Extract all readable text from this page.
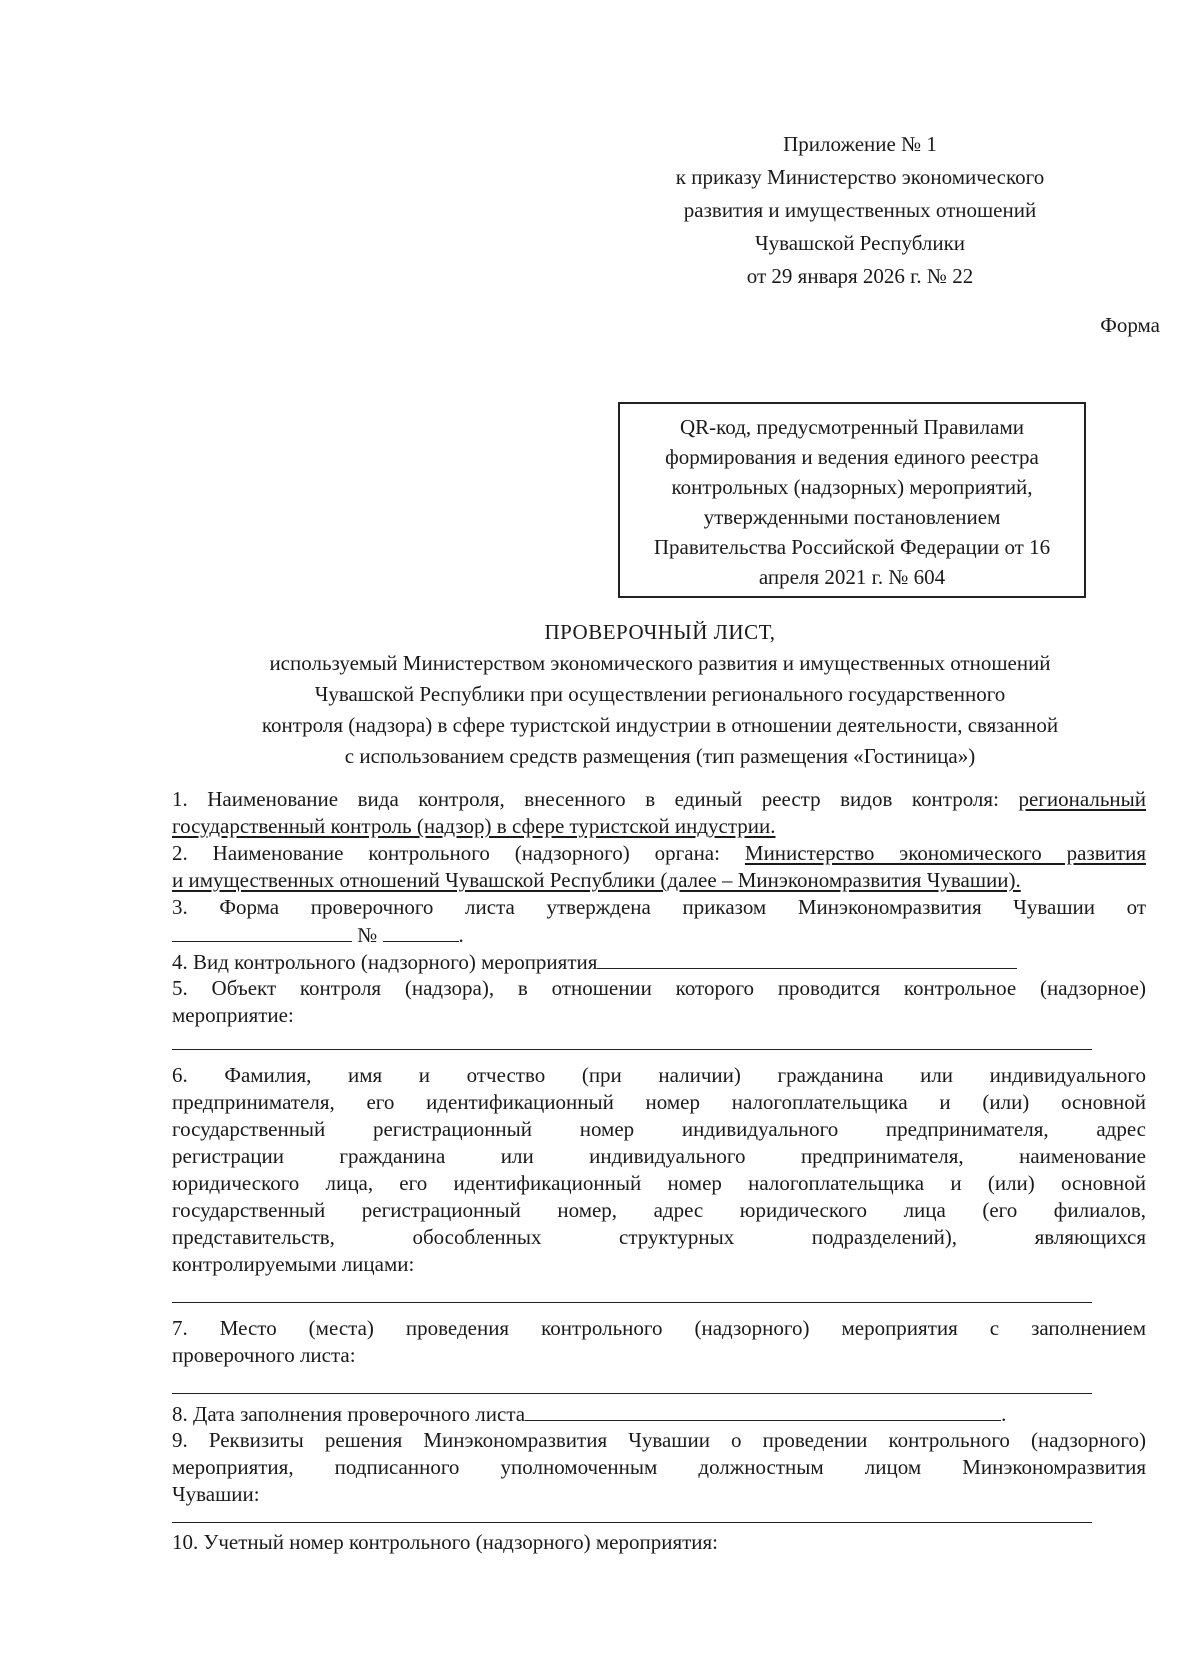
Приложение № 1
к приказу Министерство экономического
развития и имущественных отношений
Чувашской Республики
от 29 января 2026 г. № 22
Форма
QR-код, предусмотренный Правилами
формирования и ведения единого реестра
контрольных (надзорных) мероприятий,
утвержденными постановлением
Правительства Российской Федерации от 16
апреля 2021 г. № 604
ПРОВЕРОЧНЫЙ ЛИСТ,
используемый Министерством экономического развития и имущественных отношений
Чувашской Республики при осуществлении регионального государственного
контроля (надзора) в сфере туристской индустрии в отношении деятельности, связанной
с использованием средств размещения (тип размещения «Гостиница»)
1. Наименование вида контроля, внесенного в единый реестр видов контроля: региональный
государственный контроль (надзор) в сфере туристской индустрии.
2. Наименование контрольного (надзорного) органа: Министерство экономического развития
и имущественных отношений Чувашской Республики (далее – Минэкономразвития Чувашии).
3. Форма проверочного листа утверждена приказом Минэкономразвития Чувашии от
№	.
4. Вид контрольного (надзорного) мероприятия
5. Объект контроля (надзора), в отношении которого проводится контрольное (надзорное)
мероприятие:
6. Фамилия, имя и отчество (при наличии) гражданина или индивидуального
предпринимателя, его идентификационный номер налогоплательщика и (или) основной
государственный регистрационный номер индивидуального предпринимателя, адрес
регистрации гражданина или индивидуального предпринимателя, наименование
юридического лица, его идентификационный номер налогоплательщика и (или) основной
государственный регистрационный номер, адрес юридического лица (его филиалов,
представительств, обособленных структурных подразделений), являющихся
контролируемыми лицами:
7. Место (места) проведения контрольного (надзорного) мероприятия с заполнением
проверочного листа:
8. Дата заполнения проверочного листа	.
9. Реквизиты решения Минэкономразвития Чувашии о проведении контрольного (надзорного)
мероприятия, подписанного уполномоченным должностным лицом Минэкономразвития
Чувашии:
10. Учетный номер контрольного (надзорного) мероприятия:
